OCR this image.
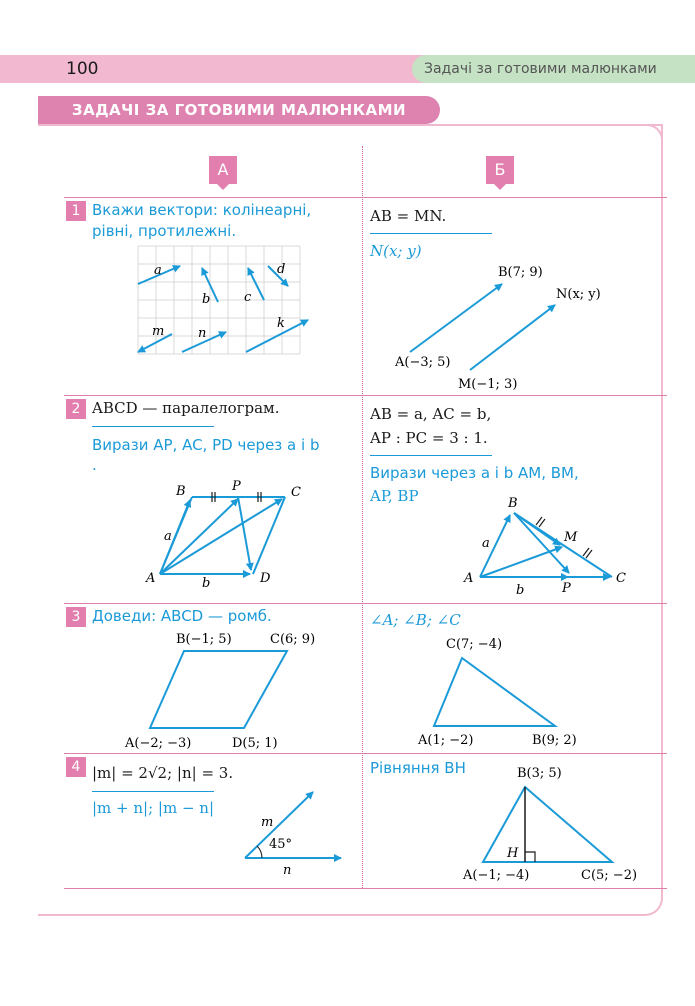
100	Задачі за готовими малюнками
ЗАДАЧІ ЗА ГОТОВИМИ МАЛЮНКАМИ
А	Б
1 Вкажи вектори: колінеарні, рівні, протилежні.
a
b	c
d
m	n
k
AB = MN.
N(x; y)
B(7; 9)
N(x; y)
A(−3; 5)
M(−1; 3)
2 ABCD — паралелограм.
Вирази AP, AC, PD через a і b
.
B	P	C
A	D
a
b
AB = a, AC = b,
AP : PC = 3 : 1.
Вирази через a і b AM, BM,
AP, BP	B
M
A
P
C
a
b
3 Доведи: ABCD — ромб.
B(−1; 5)	C(6; 9)
A(−2; −3)	D(5; 1)
∠A; ∠B; ∠C
C(7; −4)
A(1; −2)	B(9; 2)
4 |m| = 2√2; |n| = 3.
|m + n|; |m − n|
m
45°
n
Рівняння BH	B(3; 5)
H
A(−1; −4)	C(5; −2)
